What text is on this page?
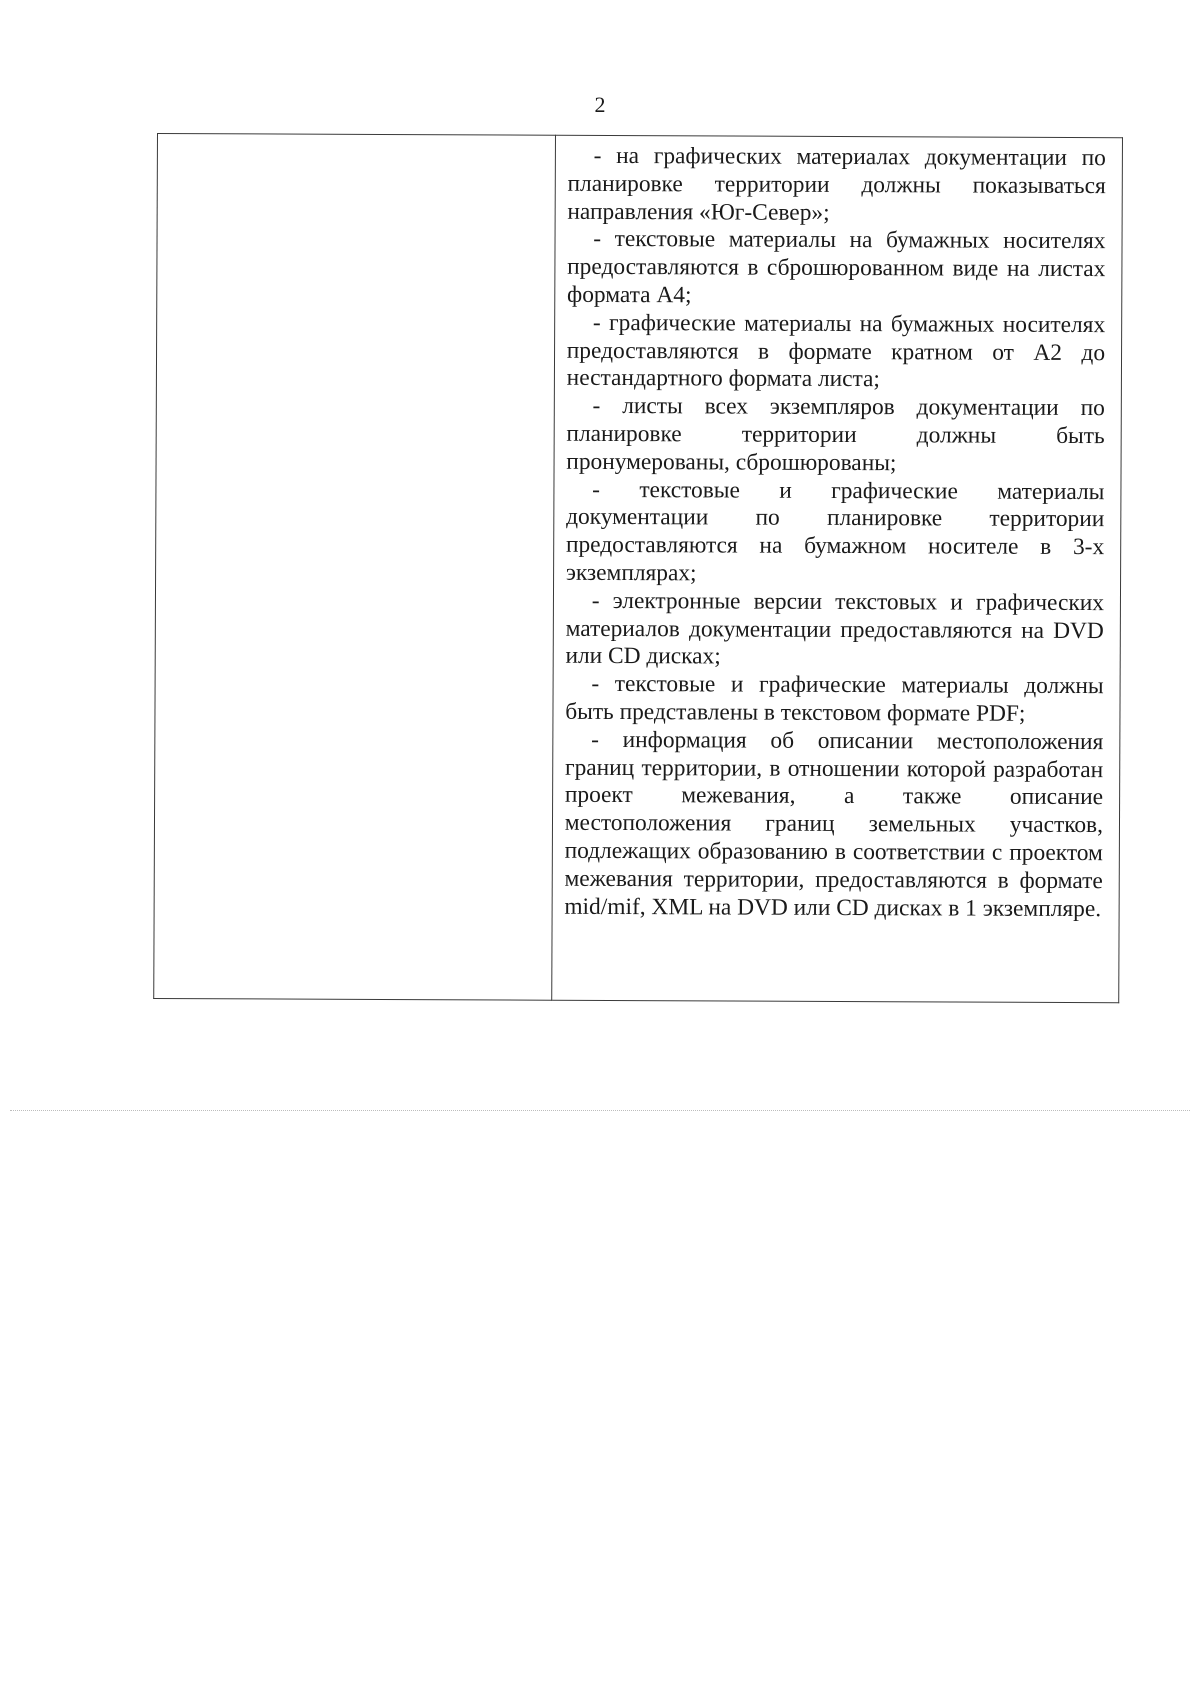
2

- на графических материалах документации по планировке территории должны показываться направления «Юг-Север»;

- текстовые материалы на бумажных носителях предоставляются в сброшюрованном виде на листах формата А4;

- графические материалы на бумажных носителях предоставляются в формате кратном от А2 до нестандартного формата листа;

- листы всех экземпляров документации по планировке территории должны быть пронумерованы, сброшюрованы;

- текстовые и графические материалы документации по планировке территории предоставляются на бумажном носителе в 3-х экземплярах;

- электронные версии текстовых и графических материалов документации предоставляются на DVD или CD дисках;

- текстовые и графические материалы должны быть представлены в текстовом формате PDF;

- информация об описании местоположения границ территории, в отношении которой разработан проект межевания, а также описание местоположения границ земельных участков, подлежащих образованию в соответствии с проектом межевания территории, предоставляются в формате mid/mif, XML на DVD или CD дисках в 1 экземпляре.
